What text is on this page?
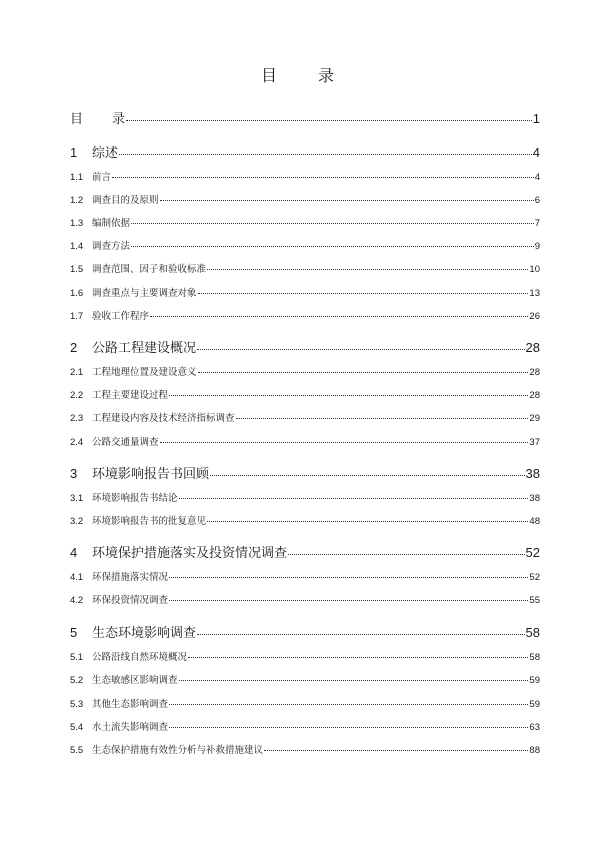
目 录
目	录	1
1	综述	4
1.1 前言	4
1.2 调查目的及原则	6
1.3 编制依据	7
1.4 调查方法	9
1.5 调查范围、因子和验收标准	10
1.6 调查重点与主要调查对象	13
1.7 验收工作程序	26
2	公路工程建设概况	28
2.1 工程地理位置及建设意义	28
2.2 工程主要建设过程	28
2.3 工程建设内容及技术经济指标调查	29
2.4 公路交通量调查	37
3	环境影响报告书回顾	38
3.1 环境影响报告书结论	38
3.2 环境影响报告书的批复意见	48
4	环境保护措施落实及投资情况调查	52
4.1 环保措施落实情况	52
4.2 环保投资情况调查	55
5	生态环境影响调查	58
5.1 公路沿线自然环境概况	58
5.2 生态敏感区影响调查	59
5.3 其他生态影响调查	59
5.4 水土流失影响调查	63
5.5 生态保护措施有效性分析与补救措施建议	88
